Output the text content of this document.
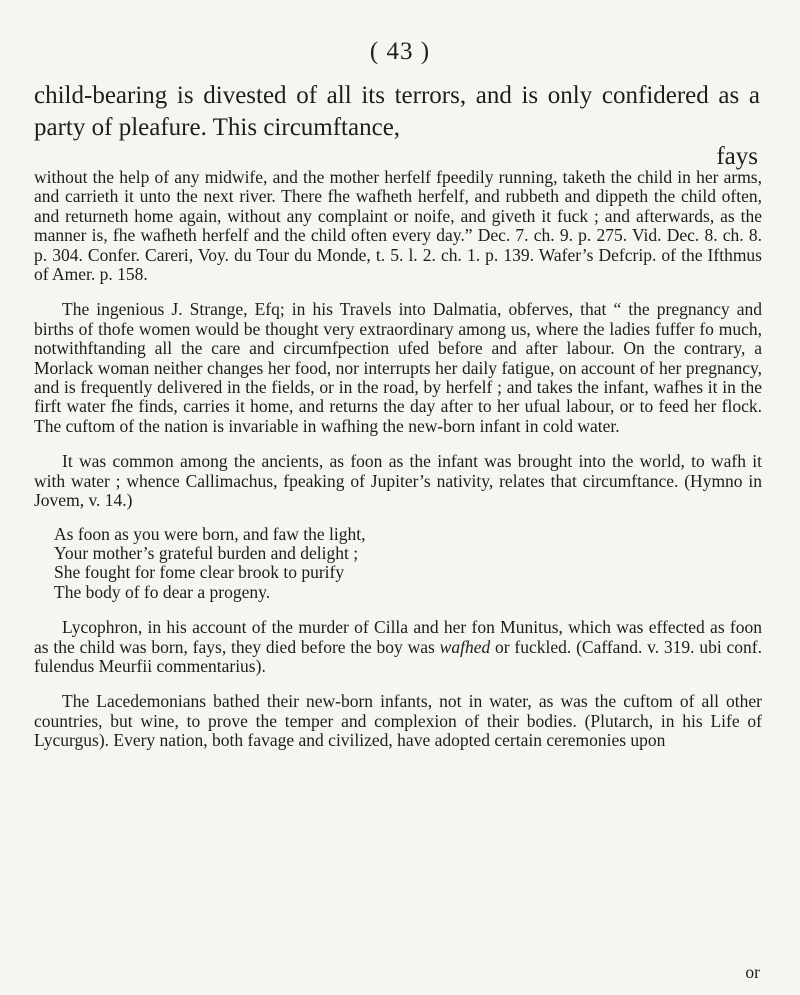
( 43 )

child-bearing is divested of all its terrors, and is only confidered as a party of pleafure. This circumftance,

fays

without the help of any midwife, and the mother herfelf fpeedily running, taketh the child in her arms, and carrieth it unto the next river. There fhe wafheth herfelf, and rubbeth and dippeth the child often, and returneth home again, without any complaint or noife, and giveth it fuck ; and afterwards, as the manner is, fhe wafheth herfelf and the child often every day.” Dec. 7. ch. 9. p. 275. Vid. Dec. 8. ch. 8. p. 304. Confer. Careri, Voy. du Tour du Monde, t. 5. l. 2. ch. 1. p. 139. Wafer’s Defcrip. of the Ifthmus of Amer. p. 158.

The ingenious J. Strange, Efq; in his Travels into Dalmatia, obferves, that “ the pregnancy and births of thofe women would be thought very extraordinary among us, where the ladies fuffer fo much, notwithftanding all the care and circumfpection ufed before and after labour. On the contrary, a Morlack woman neither changes her food, nor interrupts her daily fatigue, on account of her pregnancy, and is frequently delivered in the fields, or in the road, by herfelf ; and takes the infant, wafhes it in the firft water fhe finds, carries it home, and returns the day after to her ufual labour, or to feed her flock. The cuftom of the nation is invariable in wafhing the new-born infant in cold water.

It was common among the ancients, as foon as the infant was brought into the world, to wafh it with water ; whence Callimachus, fpeaking of Jupiter’s nativity, relates that circumftance. (Hymno in Jovem, v. 14.)

As foon as you were born, and faw the light,
Your mother’s grateful burden and delight ;
She fought for fome clear brook to purify
The body of fo dear a progeny.

Lycophron, in his account of the murder of Cilla and her fon Munitus, which was effected as foon as the child was born, fays, they died before the boy was wafhed or fuckled. (Caffand. v. 319. ubi conf. fulendus Meurfii commentarius).

The Lacedemonians bathed their new-born infants, not in water, as was the cuftom of all other countries, but wine, to prove the temper and complexion of their bodies. (Plutarch, in his Life of Lycurgus). Every nation, both favage and civilized, have adopted certain ceremonies upon

or
